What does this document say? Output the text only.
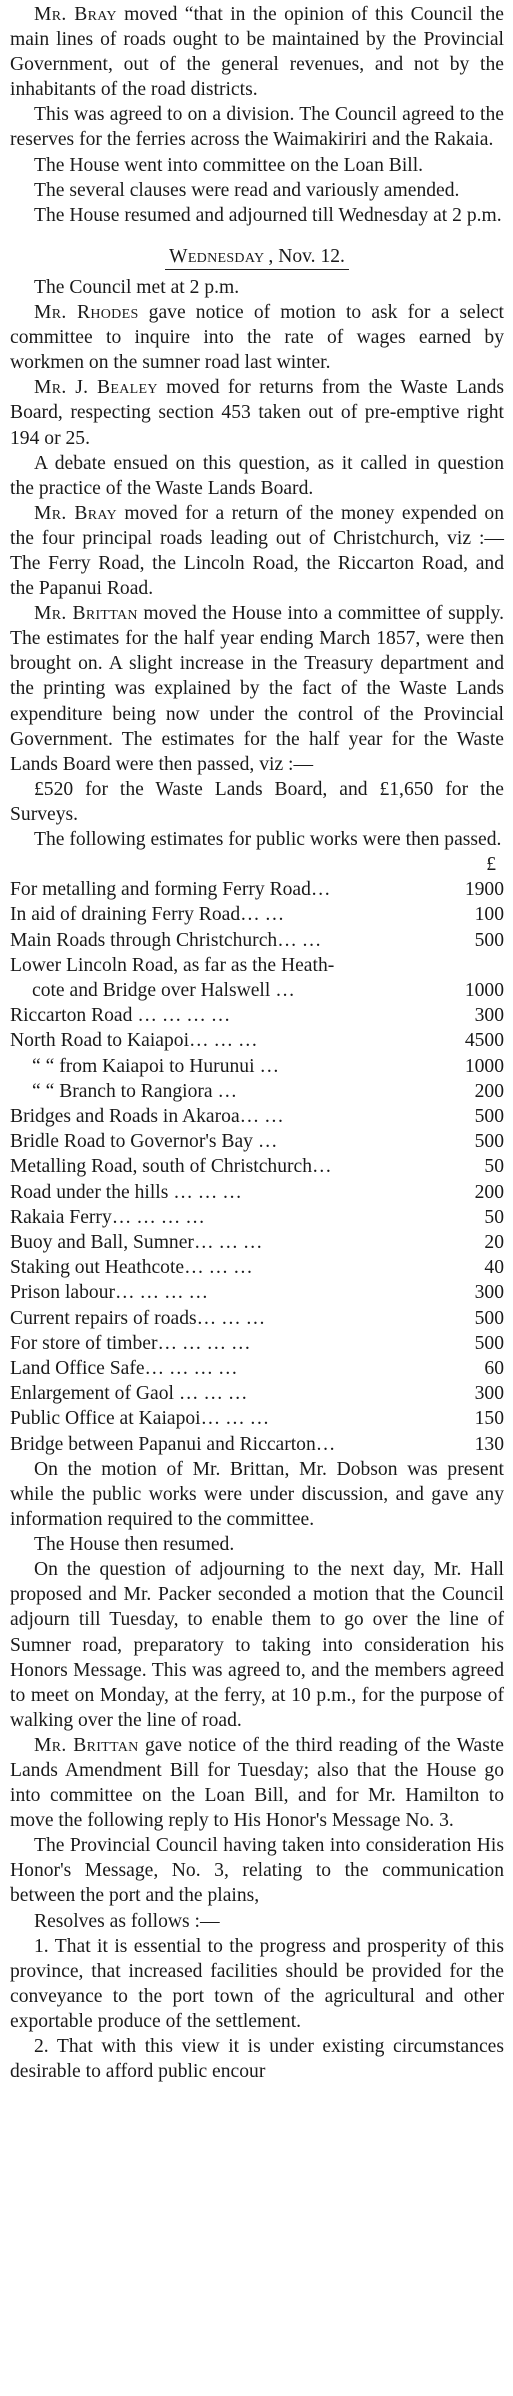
Mr. Bray moved “that in the opinion of this Council the main lines of roads ought to be maintained by the Provincial Government, out of the general revenues, and not by the inhabitants of the road districts.

This was agreed to on a division. The Council agreed to the reserves for the ferries across the Waimakiriri and the Rakaia.

The House went into committee on the Loan Bill.

The several clauses were read and variously amended.

The House resumed and adjourned till Wednesday at 2 p.m.

Wednesday , Nov. 12.

The Council met at 2 p.m.

Mr. Rhodes gave notice of motion to ask for a select committee to inquire into the rate of wages earned by workmen on the sumner road last winter.

Mr. J. Bealey moved for returns from the Waste Lands Board, respecting section 453 taken out of pre-emptive right 194 or 25.

A debate ensued on this question, as it called in question the practice of the Waste Lands Board.

Mr. Bray moved for a return of the money expended on the four principal roads leading out of Christchurch, viz :—The Ferry Road, the Lincoln Road, the Riccarton Road, and the Papanui Road.

Mr. Brittan moved the House into a committee of supply. The estimates for the half year ending March 1857, were then brought on. A slight increase in the Treasury department and the printing was explained by the fact of the Waste Lands expenditure being now under the control of the Provincial Government. The estimates for the half year for the Waste Lands Board were then passed, viz :—

£520 for the Waste Lands Board, and £1,650 for the Surveys.

The following estimates for public works were then passed.

£

For metalling and forming Ferry Road…	1900
In aid of draining Ferry Road… …	100
Main Roads through Christchurch… …	500
Lower Lincoln Road, as far as the Heath-
cote and Bridge over Halswell …	1000
Riccarton Road … … … …	300
North Road to Kaiapoi… … …	4500
“ “ from Kaiapoi to Hurunui …	1000
“ “ Branch to Rangiora …	200
Bridges and Roads in Akaroa… …	500
Bridle Road to Governor's Bay …	500
Metalling Road, south of Christchurch…	50
Road under the hills … … …	200
Rakaia Ferry… … … …	50
Buoy and Ball, Sumner… … …	20
Staking out Heathcote… … …	40
Prison labour… … … …	300
Current repairs of roads… … …	500
For store of timber… … … …	500
Land Office Safe… … … …	60
Enlargement of Gaol … … …	300
Public Office at Kaiapoi… … …	150
Bridge between Papanui and Riccarton…	130

On the motion of Mr. Brittan, Mr. Dobson was present while the public works were under discussion, and gave any information required to the committee.

The House then resumed.

On the question of adjourning to the next day, Mr. Hall proposed and Mr. Packer seconded a motion that the Council adjourn till Tuesday, to enable them to go over the line of Sumner road, preparatory to taking into consideration his Honors Message. This was agreed to, and the members agreed to meet on Monday, at the ferry, at 10 p.m., for the purpose of walking over the line of road.

Mr. Brittan gave notice of the third reading of the Waste Lands Amendment Bill for Tuesday; also that the House go into committee on the Loan Bill, and for Mr. Hamilton to move the following reply to His Honor's Message No. 3.

The Provincial Council having taken into consideration His Honor's Message, No. 3, relating to the communication between the port and the plains,

Resolves as follows :—

1. That it is essential to the progress and prosperity of this province, that increased facilities should be provided for the conveyance to the port town of the agricultural and other exportable produce of the settlement.

2. That with this view it is under existing circumstances desirable to afford public encour
